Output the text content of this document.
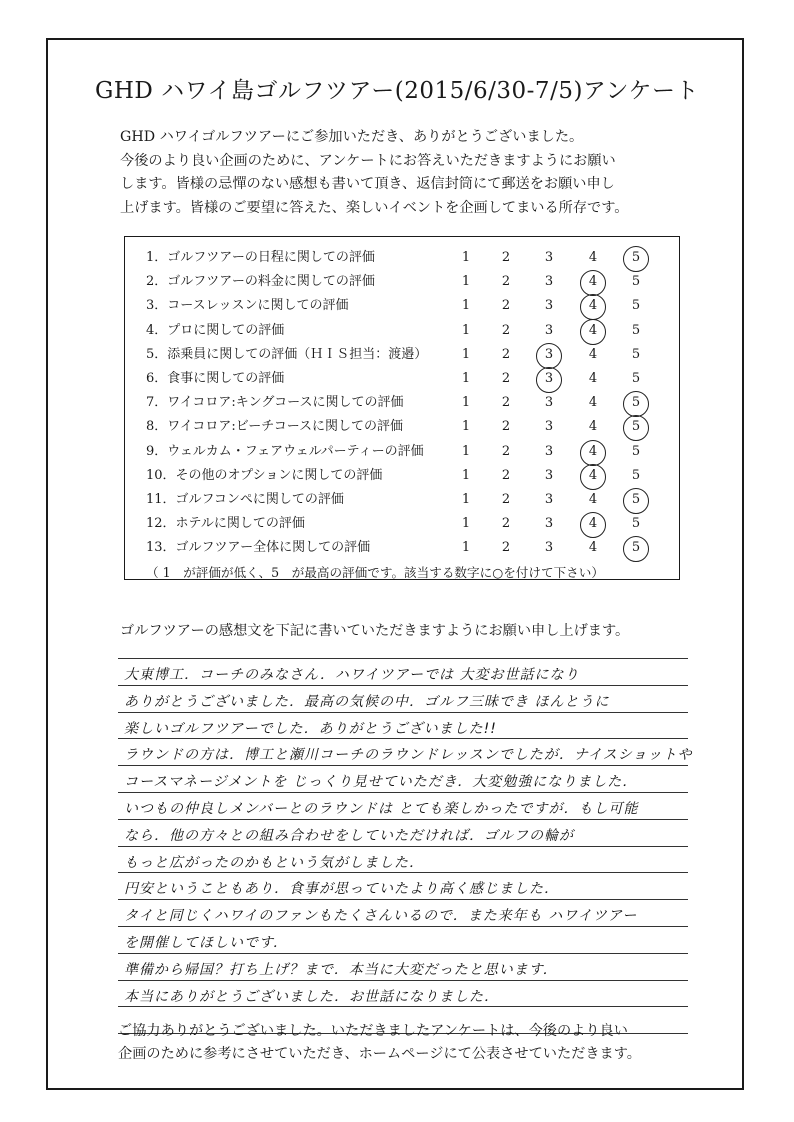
GHD ハワイ島ゴルフツアー(2015/6/30-7/5)アンケート
GHD ハワイゴルフツアーにご参加いただき、ありがとうございました。
今後のより良い企画のために、アンケートにお答えいただきますようにお願い
します。皆様の忌憚のない感想も書いて頂き、返信封筒にて郵送をお願い申し
上げます。皆様のご要望に答えた、楽しいイベントを企画してまいる所存です。
1．ゴルフツアーの日程に関しての評価	1	2	3	4	5
2．ゴルフツアーの料金に関しての評価	1	2	3	4	5
3．コースレッスンに関しての評価	1	2	3	4	5
4．プロに関しての評価	1	2	3	4	5
5．添乗員に関しての評価（ＨＩＳ担当：渡邉）	1	2	3	4	5
6．食事に関しての評価	1	2	3	4	5
7．ワイコロア:キングコースに関しての評価	1	2	3	4	5
8．ワイコロア:ビーチコースに関しての評価	1	2	3	4	5
9．ウェルカム・フェアウェルパーティーの評価	1	2	3	4	5
10．その他のオプションに関しての評価	1	2	3	4	5
11．ゴルフコンペに関しての評価	1	2	3	4	5
12．ホテルに関しての評価	1	2	3	4	5
13．ゴルフツアー全体に関しての評価	1	2	3	4	5
（ 1　が評価が低く、5　が最高の評価です。該当する数字に○を付けて下さい）
ゴルフツアーの感想文を下記に書いていただきますようにお願い申し上げます。
大東博工．コーチのみなさん．ハワイツアーでは 大変お世話になり
ありがとうございました．最高の気候の中．ゴルフ三昧でき ほんとうに
楽しいゴルフツアーでした．ありがとうございました!!
ラウンドの方は．博工と瀬川コーチのラウンドレッスンでしたが．ナイスショットや
コースマネージメントを じっくり見せていただき．大変勉強になりました．
いつもの仲良しメンバーとのラウンドは とても楽しかったですが．もし可能
なら．他の方々との組み合わせをしていただければ．ゴルフの輪が
もっと広がったのかもという気がしました．
円安ということもあり．食事が思っていたより高く感じました．
タイと同じくハワイのファンもたくさんいるので．また来年も ハワイツアー
を開催してほしいです．
準備から帰国？打ち上げ？まで．本当に大変だったと思います．
本当にありがとうございました．お世話になりました．
ご協力ありがとうございました。いただきましたアンケートは、今後のより良い
企画のために参考にさせていただき、ホームページにて公表させていただきます。
